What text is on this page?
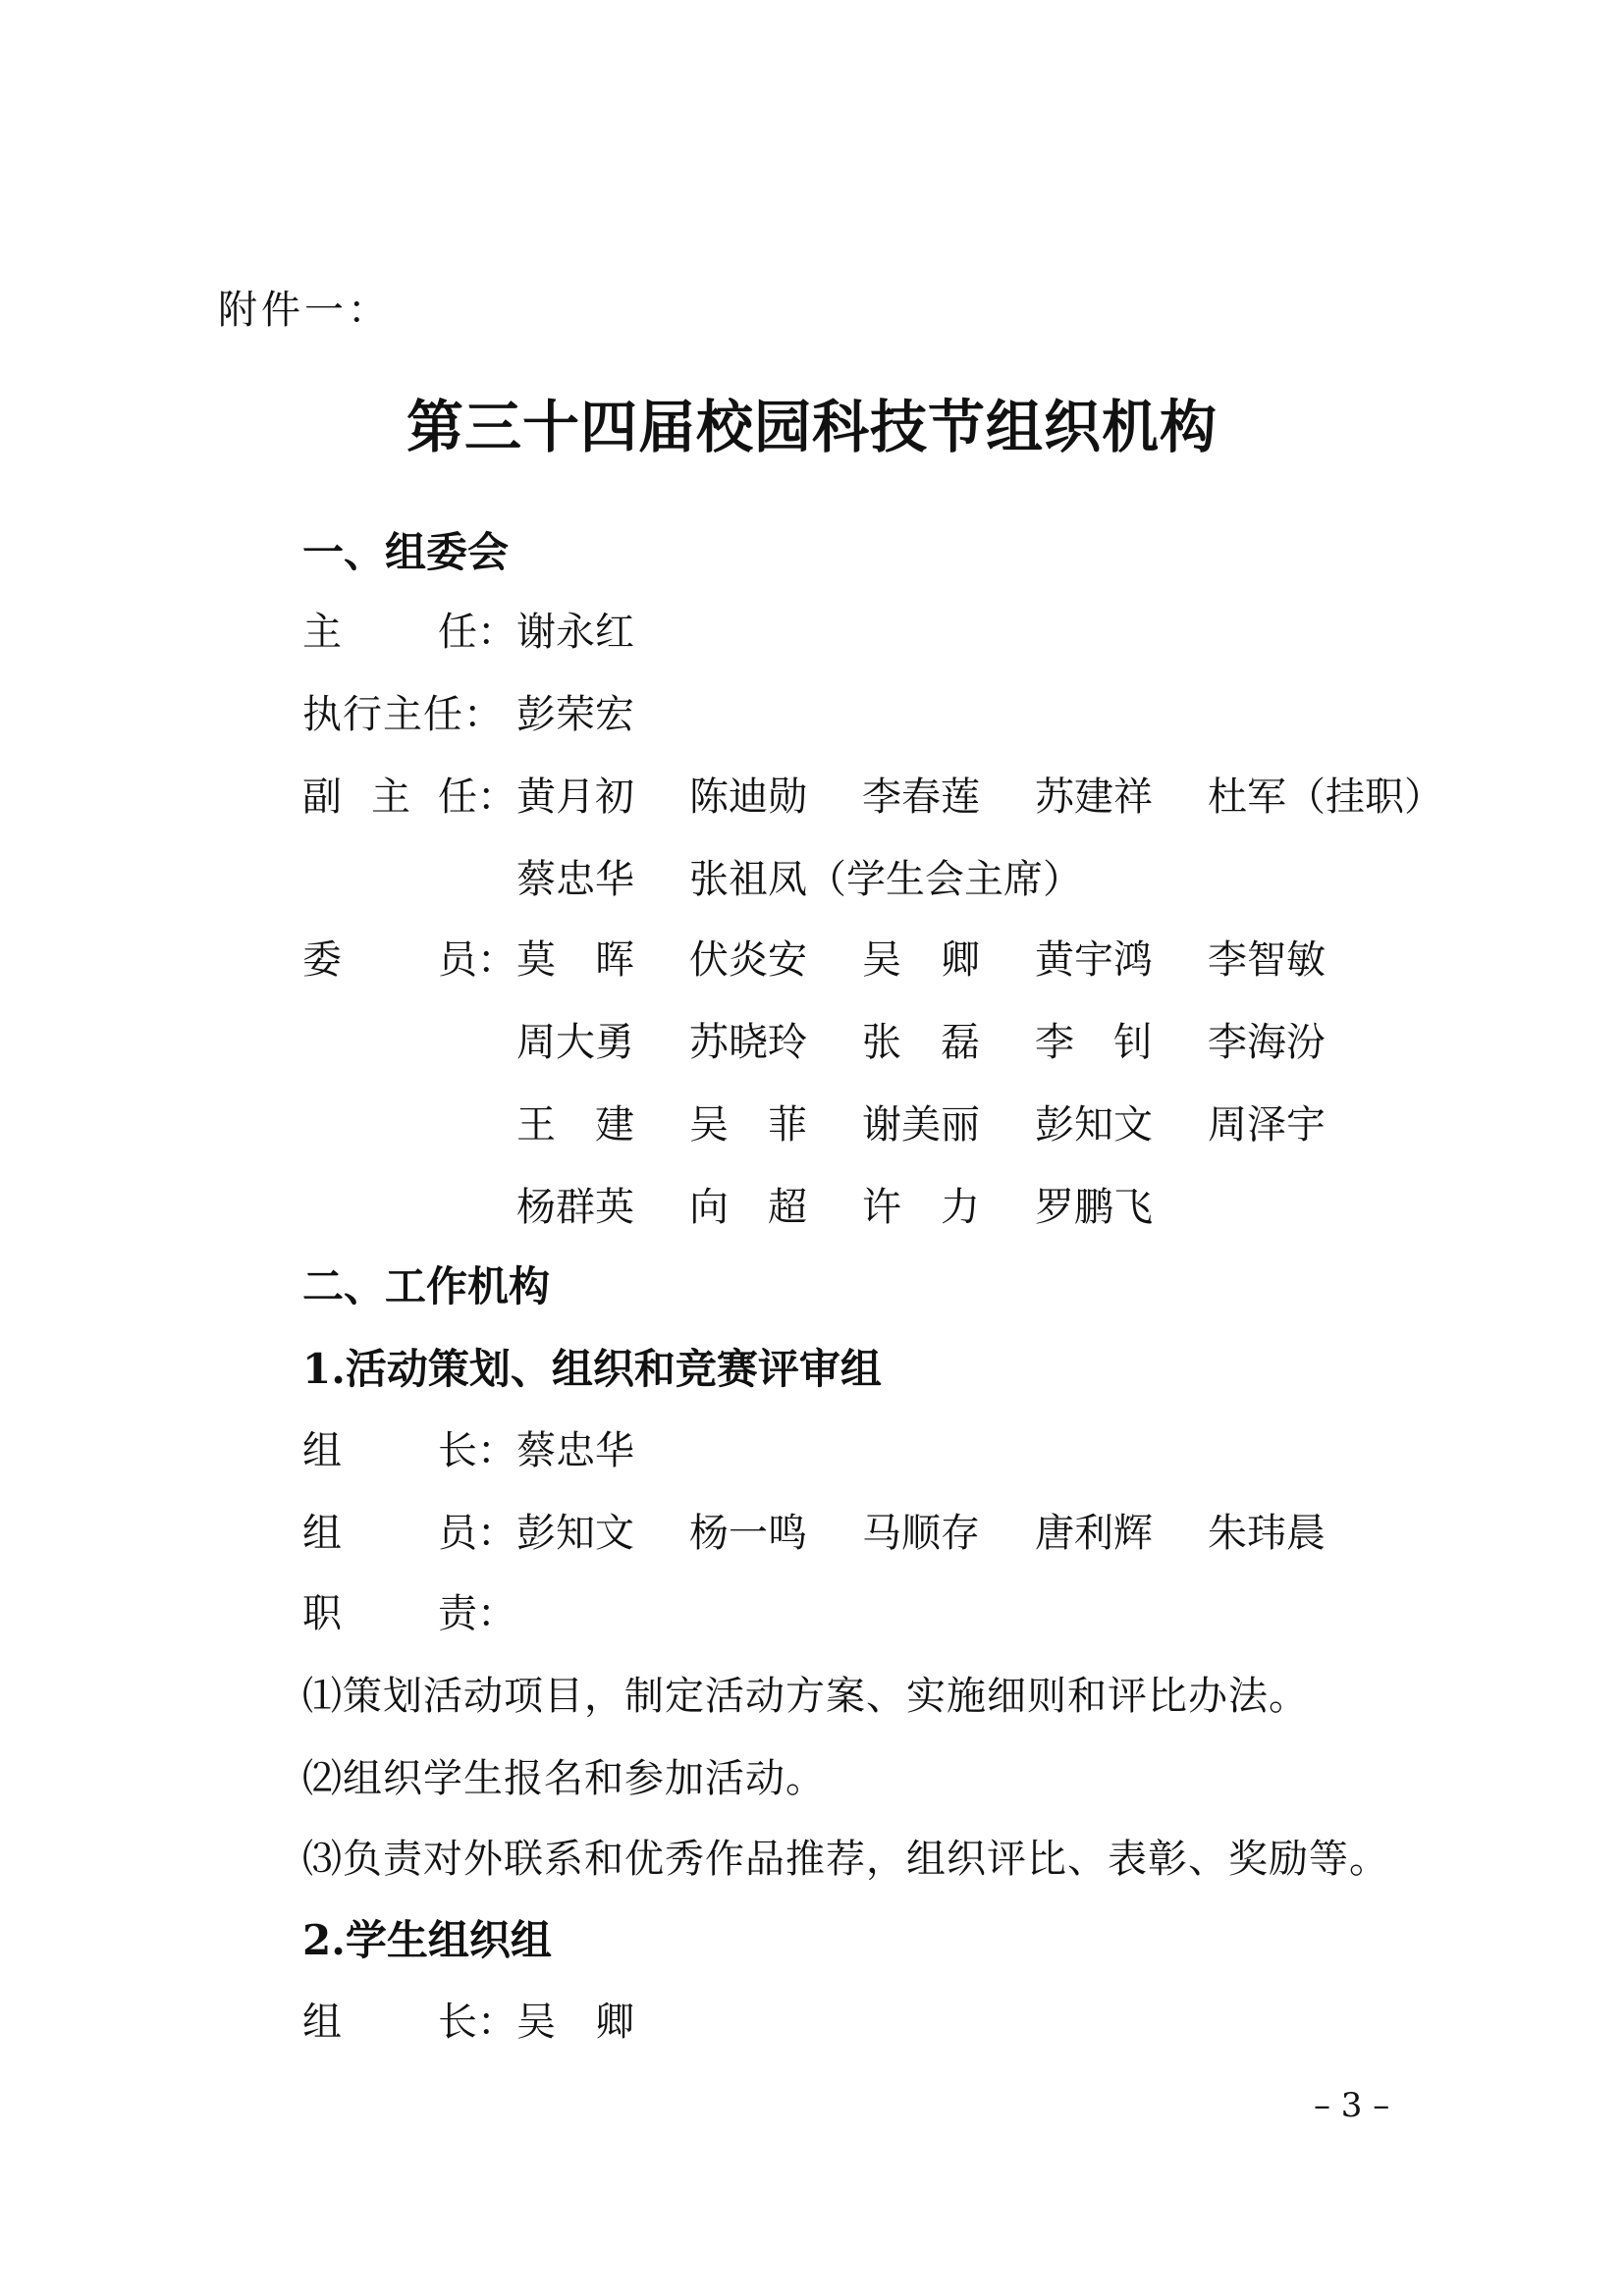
附件一：
第三十四届校园科技节组织机构
一、组委会
主 任： 谢永红
执行主任： 彭荣宏
副 主 任： 黄月初 陈迪勋 李春莲 苏建祥 杜军（挂职）
蔡忠华 张祖凤（学生会主席）
委 员： 莫　晖 伏炎安 吴　卿 黄宇鸿 李智敏
周大勇 苏晓玲 张　磊 李　钊 李海汾
王　建 吴　菲 谢美丽 彭知文 周泽宇
杨群英 向　超 许　力 罗鹏飞
二、工作机构
1.活动策划、组织和竞赛评审组
组 长： 蔡忠华
组 员： 彭知文 杨一鸣 马顺存 唐利辉 朱玮晨
职 责：
⑴策划活动项目，制定活动方案、实施细则和评比办法。
⑵组织学生报名和参加活动。
⑶负责对外联系和优秀作品推荐，组织评比、表彰、奖励等。
2.学生组织组
组 长： 吴　卿
– 3 –
